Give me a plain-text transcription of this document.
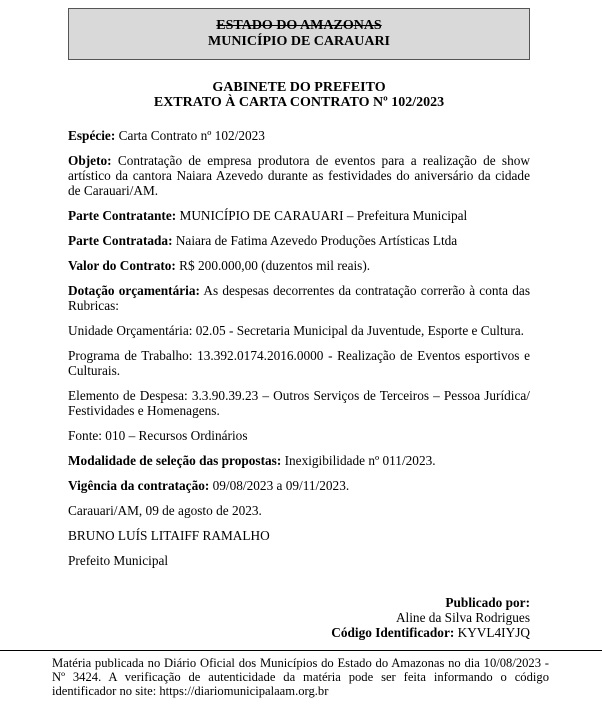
ESTADO DO AMAZONAS
MUNICÍPIO DE CARAUARI
GABINETE DO PREFEITO
EXTRATO À CARTA CONTRATO Nº 102/2023

Espécie: Carta Contrato nº 102/2023

Objeto: Contratação de empresa produtora de eventos para a realização de show artístico da cantora Naiara Azevedo durante as festividades do aniversário da cidade de Carauari/AM.

Parte Contratante: MUNICÍPIO DE CARAUARI – Prefeitura Municipal

Parte Contratada: Naiara de Fatima Azevedo Produções Artísticas Ltda

Valor do Contrato: R$ 200.000,00 (duzentos mil reais).

Dotação orçamentária: As despesas decorrentes da contratação correrão à conta das Rubricas:

Unidade Orçamentária: 02.05 - Secretaria Municipal da Juventude, Esporte e Cultura.

Programa de Trabalho: 13.392.0174.2016.0000 - Realização de Eventos esportivos e Culturais.

Elemento de Despesa: 3.3.90.39.23 – Outros Serviços de Terceiros – Pessoa Jurídica/ Festividades e Homenagens.

Fonte: 010 – Recursos Ordinários

Modalidade de seleção das propostas: Inexigibilidade nº 011/2023.

Vigência da contratação: 09/08/2023 a 09/11/2023.

Carauari/AM, 09 de agosto de 2023.

BRUNO LUÍS LITAIFF RAMALHO

Prefeito Municipal

Publicado por:
Aline da Silva Rodrigues
Código Identificador: KYVL4IYJQ
Matéria publicada no Diário Oficial dos Municípios do Estado do Amazonas no dia 10/08/2023 - Nº 3424. A verificação de autenticidade da matéria pode ser feita informando o código identificador no site: https://diariomunicipalaam.org.br
